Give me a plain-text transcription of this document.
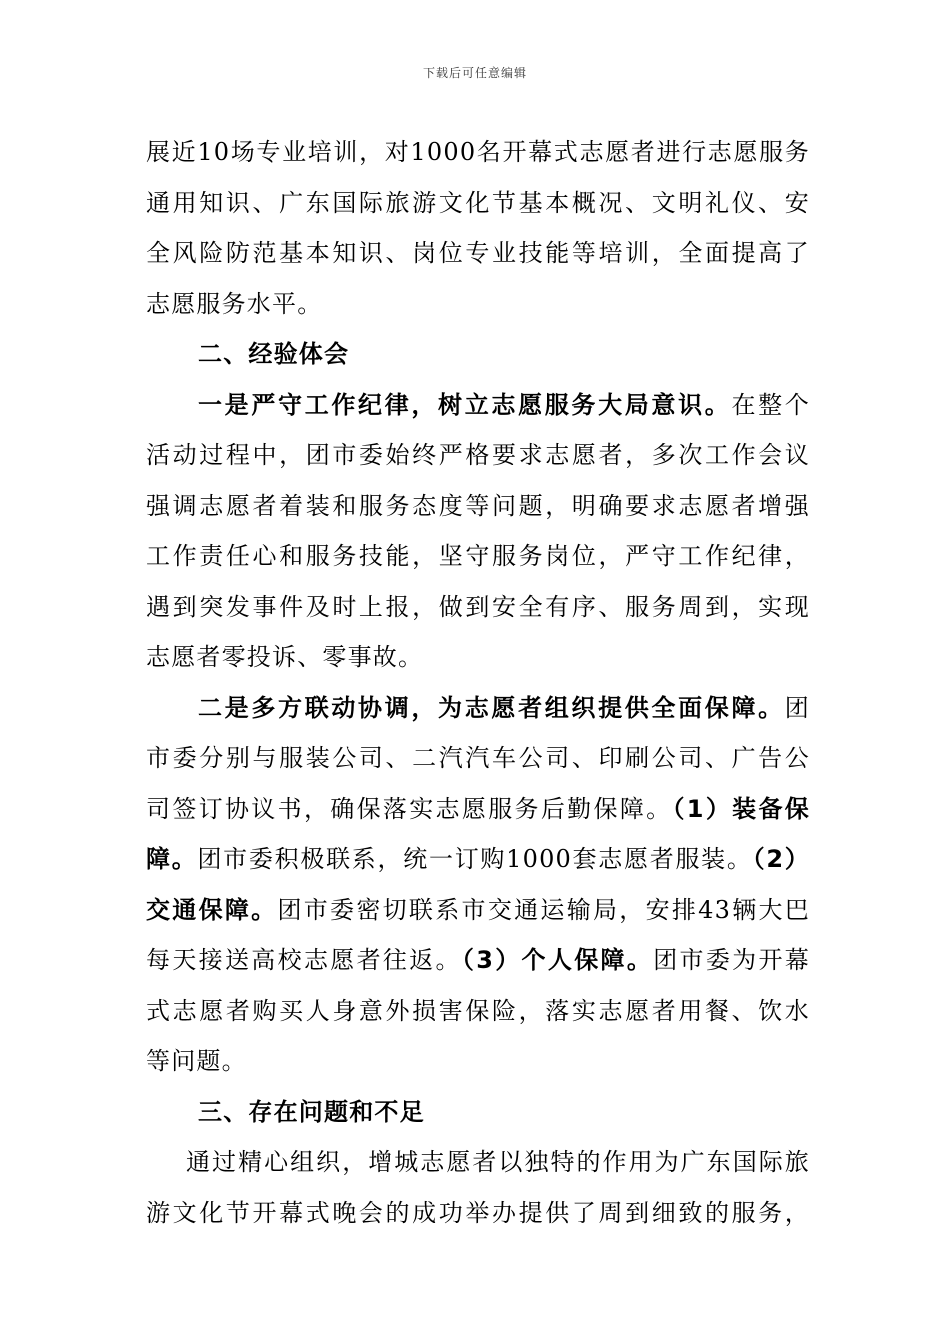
下载后可任意编辑

展近10场专业培训，对1000名开幕式志愿者进行志愿服务
通用知识、广东国际旅游文化节基本概况、文明礼仪、安
全风险防范基本知识、岗位专业技能等培训，全面提高了
志愿服务水平。

二、经验体会

一是严守工作纪律，树立志愿服务大局意识。在整个
活动过程中，团市委始终严格要求志愿者，多次工作会议
强调志愿者着装和服务态度等问题，明确要求志愿者增强
工作责任心和服务技能，坚守服务岗位，严守工作纪律，
遇到突发事件及时上报，做到安全有序、服务周到，实现
志愿者零投诉、零事故。

二是多方联动协调，为志愿者组织提供全面保障。团
市委分别与服装公司、二汽汽车公司、印刷公司、广告公
司签订协议书，确保落实志愿服务后勤保障。（1）装备保
障。团市委积极联系，统一订购1000套志愿者服装。（2）
交通保障。团市委密切联系市交通运输局，安排43辆大巴
每天接送高校志愿者往返。（3）个人保障。团市委为开幕
式志愿者购买人身意外损害保险，落实志愿者用餐、饮水
等问题。

三、存在问题和不足

通过精心组织，增城志愿者以独特的作用为广东国际旅
游文化节开幕式晚会的成功举办提供了周到细致的服务，
